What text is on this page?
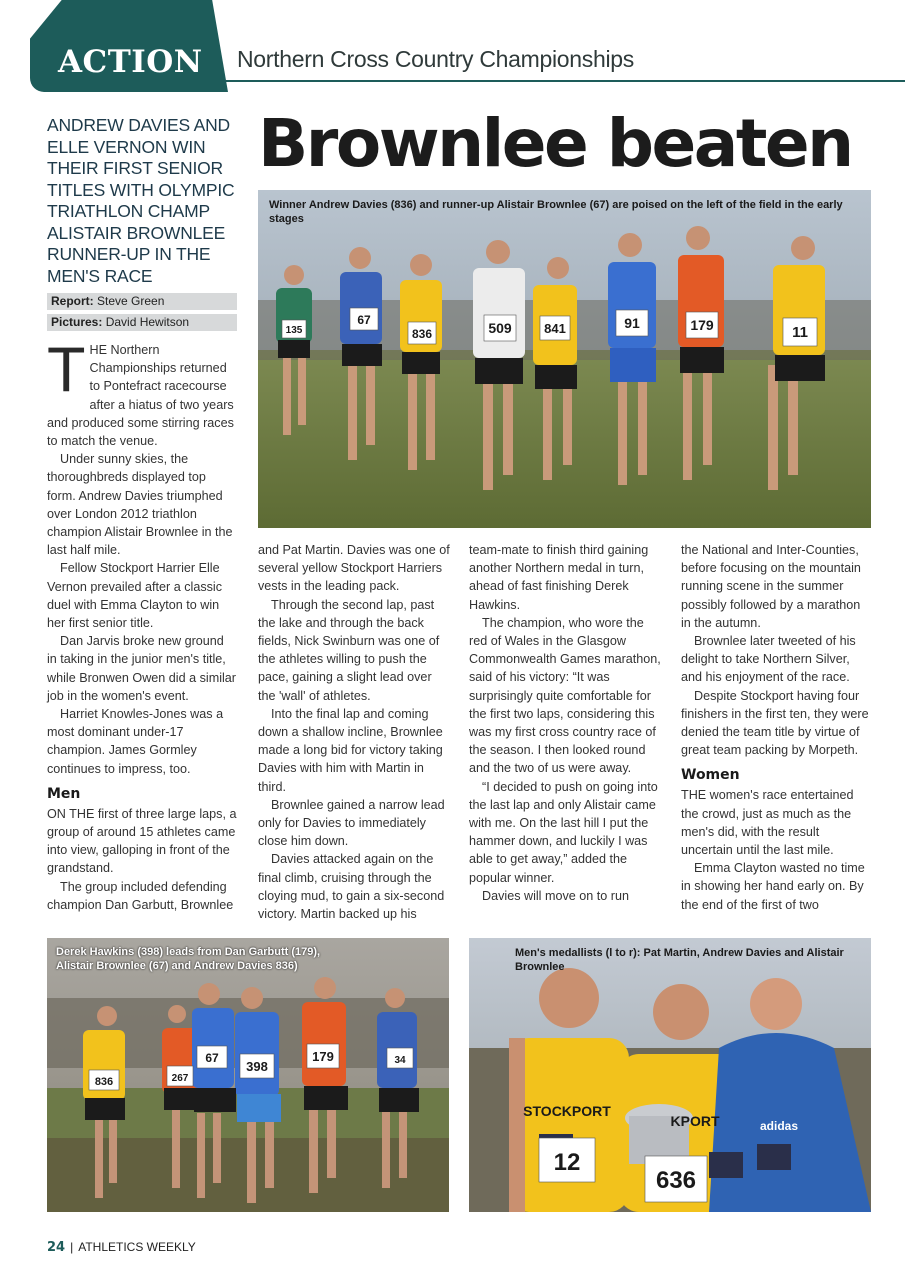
ACTION Northern Cross Country Championships
ANDREW DAVIES AND ELLE VERNON WIN THEIR FIRST SENIOR TITLES WITH OLYMPIC TRIATHLON CHAMP ALISTAIR BROWNLEE RUNNER-UP IN THE MEN'S RACE
Report: Steve Green
Pictures: David Hewitson
Brownlee beaten
135
67
836	509 841	91	179	11
Winner Andrew Davies (836) and runner-up Alistair Brownlee (67) are poised on the left of the field in the early stages

THE Northern Championships returned to Pontefract racecourse after a hiatus of two years and produced some stirring races to match the venue.

Under sunny skies, the thoroughbreds displayed top form. Andrew Davies triumphed over London 2012 triathlon champion Alistair Brownlee in the last half mile.

Fellow Stockport Harrier Elle Vernon prevailed after a classic duel with Emma Clayton to win her first senior title.

Dan Jarvis broke new ground in taking in the junior men's title, while Bronwen Owen did a similar job in the women's event.

Harriet Knowles-Jones was a most dominant under-17 champion. James Gormley continues to impress, too.

Men

ON THE first of three large laps, a group of around 15 athletes came into view, galloping in front of the grandstand.

The group included defending champion Dan Garbutt, Brownlee

and Pat Martin. Davies was one of several yellow Stockport Harriers vests in the leading pack.

Through the second lap, past the lake and through the back fields, Nick Swinburn was one of the athletes willing to push the pace, gaining a slight lead over the 'wall' of athletes.

Into the final lap and coming down a shallow incline, Brownlee made a long bid for victory taking Davies with him with Martin in third.

Brownlee gained a narrow lead only for Davies to immediately close him down.

Davies attacked again on the final climb, cruising through the cloying mud, to gain a six-second victory. Martin backed up his

team-mate to finish third gaining another Northern medal in turn, ahead of fast finishing Derek Hawkins.

The champion, who wore the red of Wales in the Glasgow Commonwealth Games marathon, said of his victory: “It was surprisingly quite comfortable for the first two laps, considering this was my first cross country race of the season. I then looked round and the two of us were away.

“I decided to push on going into the last lap and only Alistair came with me. On the last hill I put the hammer down, and luckily I was able to get away,” added the popular winner.

Davies will move on to run

the National and Inter-Counties, before focusing on the mountain running scene in the summer possibly followed by a marathon in the autumn.

Brownlee later tweeted of his delight to take Northern Silver, and his enjoyment of the race.

Despite Stockport having four finishers in the first ten, they were denied the team title by virtue of great team packing by Morpeth.

Women

THE women's race entertained the crowd, just as much as the men's did, with the result uncertain until the last mile.

Emma Clayton wasted no time in showing her hand early on. By the end of the first of two

836	267
67
398
179	34
Derek Hawkins (398) leads from Dan Garbutt (179),
Alistair Brownlee (67) and Andrew Davies 836)
12
636
STOCKPORT
KPORT	adidas
Men's medallists (l to r): Pat Martin, Andrew Davies and Alistair Brownlee
24 | ATHLETICS WEEKLY
